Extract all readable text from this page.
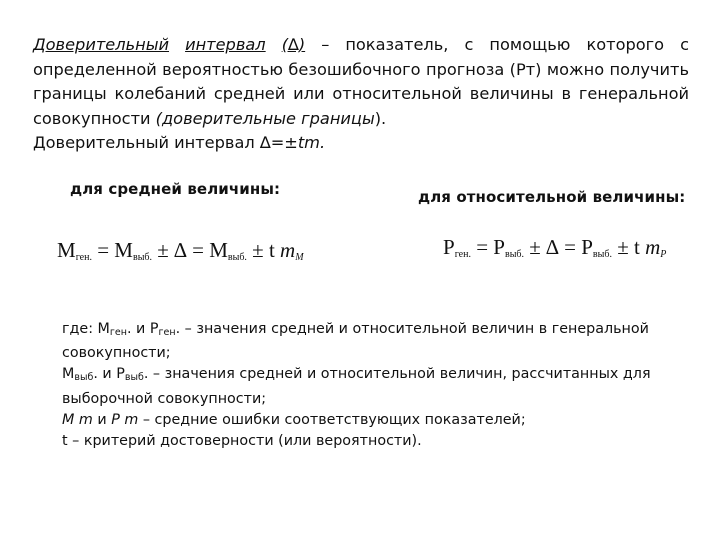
Доверительный интервал (∆) – показатель, с помощью которого с определенной вероятностью безошибочного прогноза (Рт) можно получить границы колебаний средней или относительной величины в генеральной совокупности (доверительные границы).
Доверительный интервал ∆=±tm.
для средней величины:	для относительной величины:
$M_{ген.} = M_{выб.}$ ± ∆ = $M_{выб.} \pm t$ $m_M$	$P_{ген.} = P_{выб.}$ ± ∆ = $P_{выб.} \pm t$ $m_P$
где: $M_{ген}$. и $P_{ген}$. – значения средней и относительной величин в генеральной
совокупности;
$M_{выб}$. и $P_{выб}$. – значения средней и относительной величин, рассчитанных для
выборочной совокупности;
M m и P m – средние ошибки соответствующих показателей;
t – критерий достоверности (или вероятности).
